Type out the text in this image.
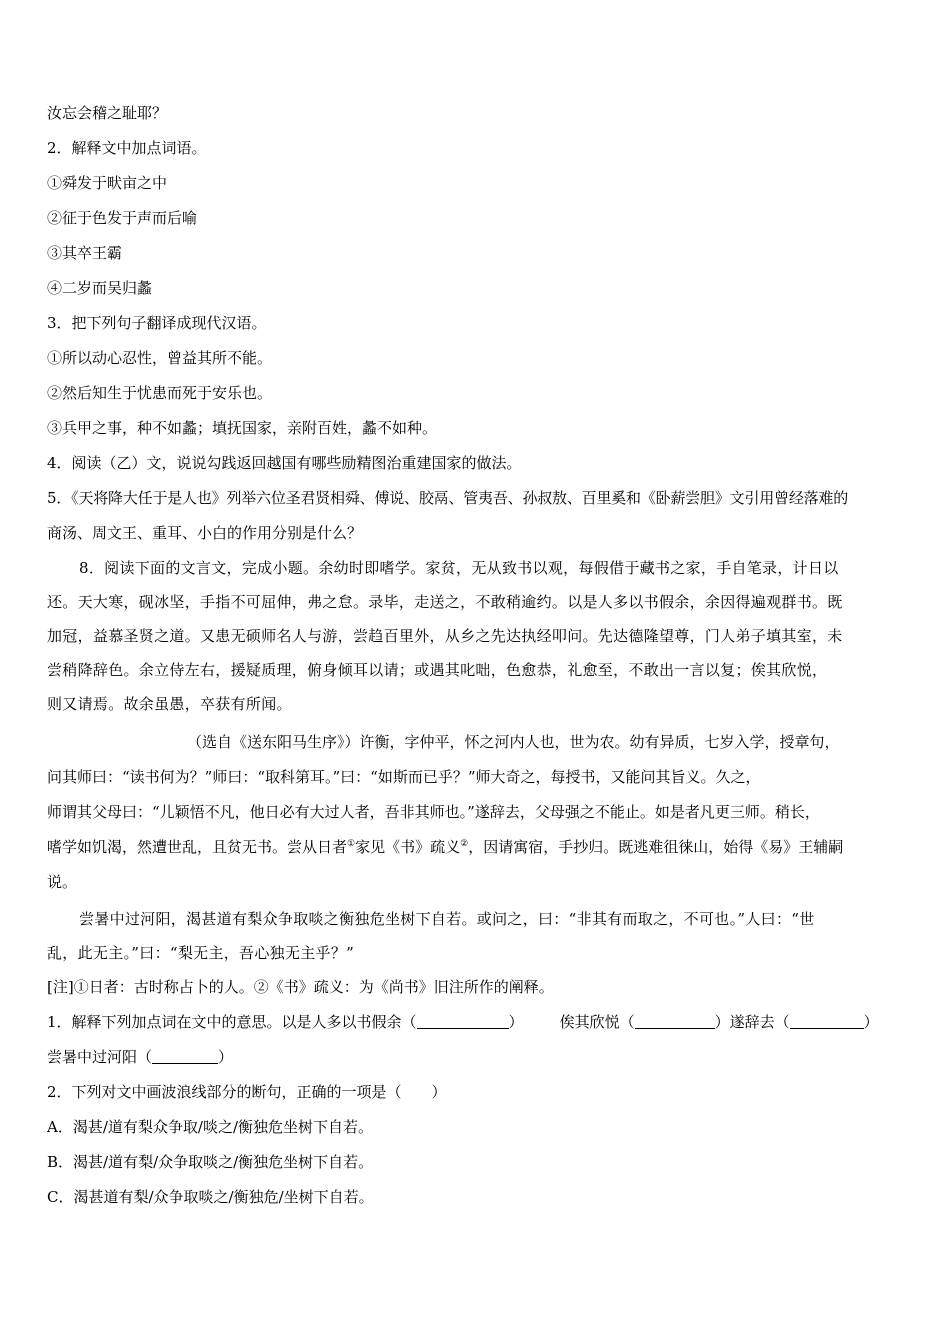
汝忘会稽之耻耶？
2．解释文中加点词语。
①舜发于畎亩之中
②征于色发于声而后喻
③其卒王霸
④二岁而吴归蠡
3．把下列句子翻译成现代汉语。
①所以动心忍性，曾益其所不能。
②然后知生于忧患而死于安乐也。
③兵甲之事，种不如蠡；填抚国家，亲附百姓，蠡不如种。
4．阅读（乙）文，说说勾践返回越国有哪些励精图治重建国家的做法。
5．《天将降大任于是人也》列举六位圣君贤相舜、傅说、胶鬲、管夷吾、孙叔敖、百里奚和《卧薪尝胆》文引用曾经落难的
商汤、周文王、重耳、小白的作用分别是什么？
8．阅读下面的文言文，完成小题。余幼时即嗜学。家贫，无从致书以观，每假借于藏书之家，手自笔录，计日以
还。天大寒，砚冰坚，手指不可屈伸，弗之怠。录毕，走送之，不敢稍逾约。以是人多以书假余，余因得遍观群书。既
加冠，益慕圣贤之道。又患无硕师名人与游，尝趋百里外，从乡之先达执经叩问。先达德隆望尊，门人弟子填其室，未
尝稍降辞色。余立侍左右，援疑质理，俯身倾耳以请；或遇其叱咄，色愈恭，礼愈至，不敢出一言以复；俟其欣悦，
则又请焉。故余虽愚，卒获有所闻。
（选自《送东阳马生序》）许衡，字仲平，怀之河内人也，世为农。幼有异质，七岁入学，授章句，
问其师曰：“读书何为？”师曰：“取科第耳。”曰：“如斯而已乎？”师大奇之，每授书，又能问其旨义。久之，
师谓其父母曰：“儿颖悟不凡，他日必有大过人者，吾非其师也。”遂辞去，父母强之不能止。如是者凡更三师。稍长，
嗜学如饥渴，然遭世乱，且贫无书。尝从日者①家见《书》疏义②，因请寓宿，手抄归。既逃难徂徕山，始得《易》王辅嗣
说。
尝暑中过河阳，渴甚道有梨众争取啖之衡独危坐树下自若。或问之，曰：“非其有而取之，不可也。”人曰：“世
乱，此无主。”曰：“梨无主，吾心独无主乎？”
[注]①日者：古时称占卜的人。②《书》疏义：为《尚书》旧注所作的阐释。
1．解释下列加点词在文中的意思。以是人多以书假余（	） 俟其欣悦（	）遂辞去（	）
尝暑中过河阳（	）
2．下列对文中画波浪线部分的断句，正确的一项是（　　）
A．渴甚/道有梨众争取/啖之/衡独危坐树下自若。
B．渴甚/道有梨/众争取啖之/衡独危坐树下自若。
C．渴甚道有梨/众争取啖之/衡独危/坐树下自若。
